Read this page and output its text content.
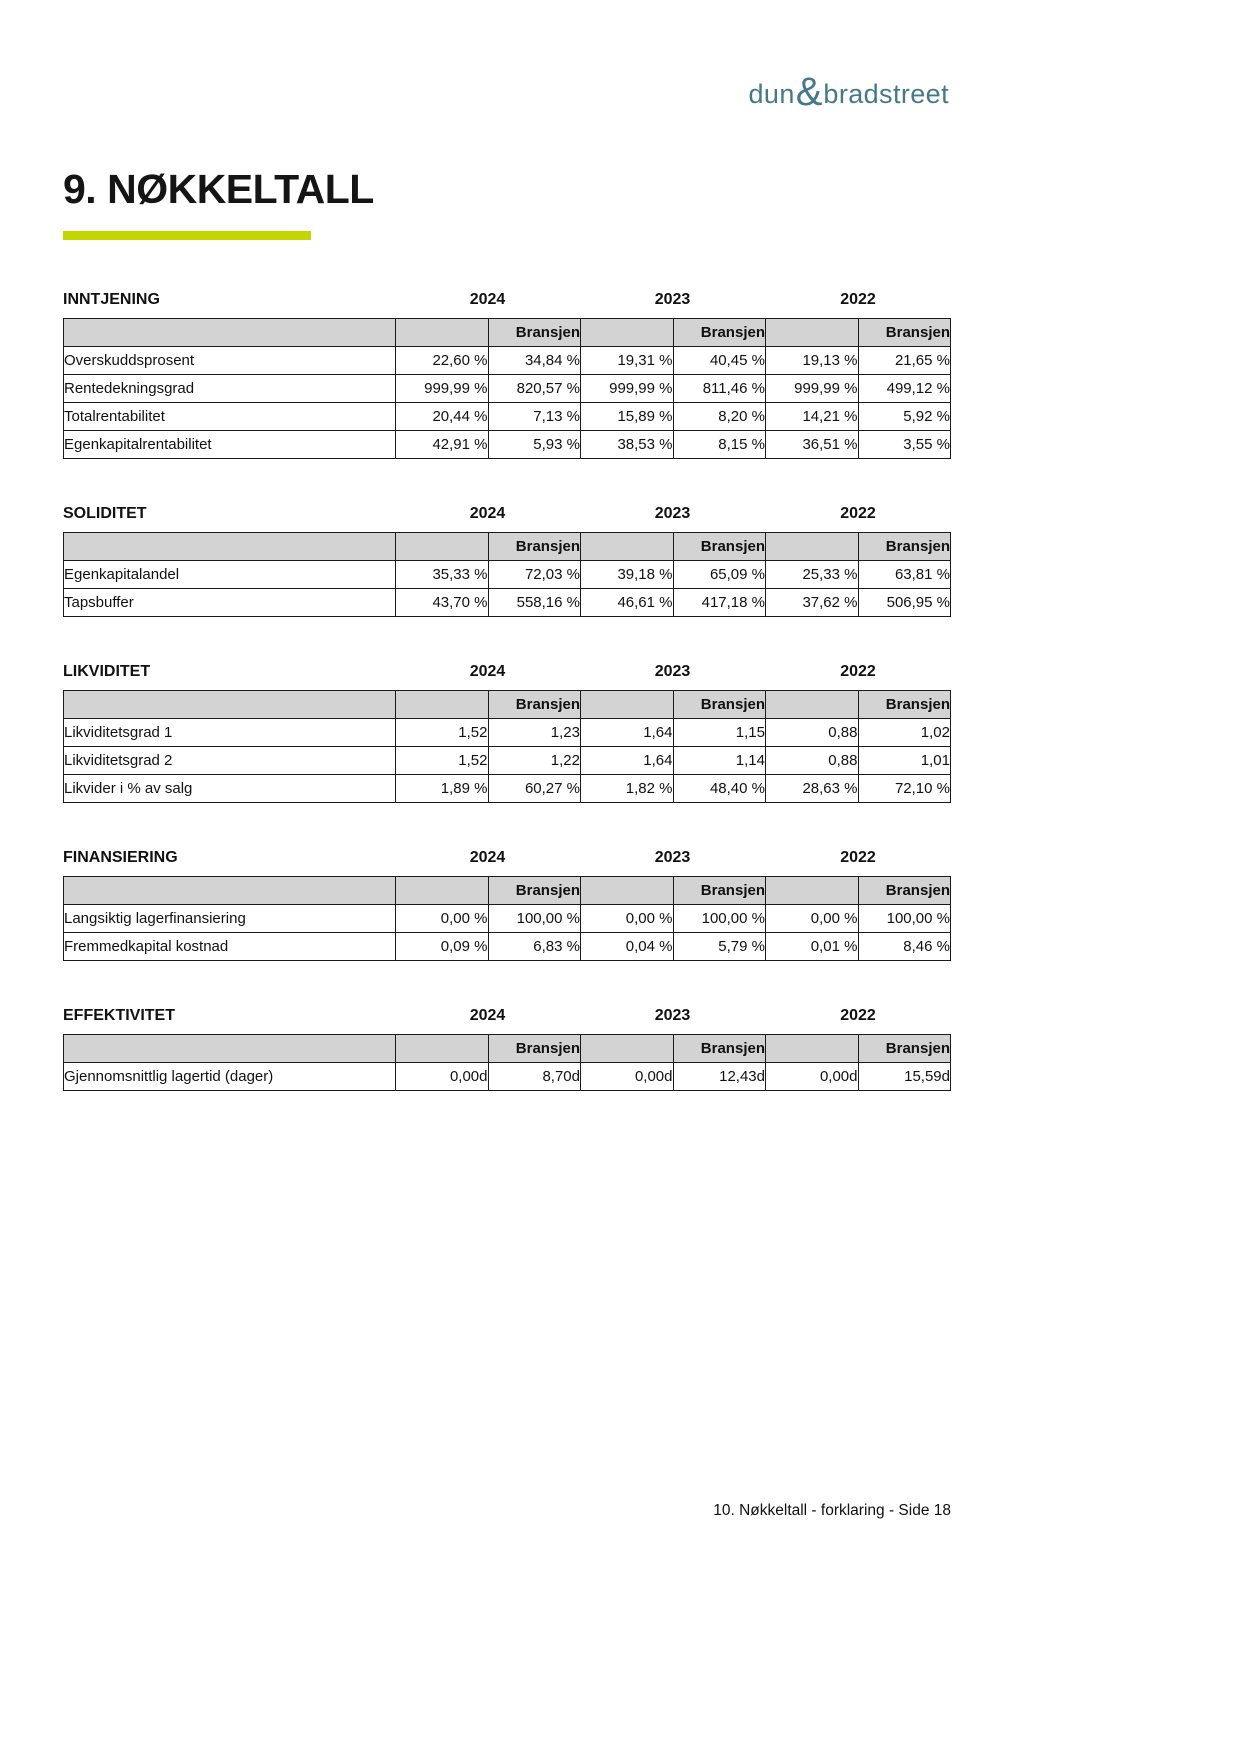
dun & bradstreet
9. NØKKELTALL
INNTJENING	2024	2023	2022
		Bransjen		Bransjen		Bransjen
Overskuddsprosent	22,60 %	34,84 %	19,31 %	40,45 %	19,13 %	21,65 %
Rentedekningsgrad	999,99 %	820,57 %	999,99 %	811,46 %	999,99 %	499,12 %
Totalrentabilitet	20,44 %	7,13 %	15,89 %	8,20 %	14,21 %	5,92 %
Egenkapitalrentabilitet	42,91 %	5,93 %	38,53 %	8,15 %	36,51 %	3,55 %
SOLIDITET	2024	2023	2022
		Bransjen		Bransjen		Bransjen
Egenkapitalandel	35,33 %	72,03 %	39,18 %	65,09 %	25,33 %	63,81 %
Tapsbuffer	43,70 %	558,16 %	46,61 %	417,18 %	37,62 %	506,95 %
LIKVIDITET	2024	2023	2022
		Bransjen		Bransjen		Bransjen
Likviditetsgrad 1	1,52	1,23	1,64	1,15	0,88	1,02
Likviditetsgrad 2	1,52	1,22	1,64	1,14	0,88	1,01
Likvider i % av salg	1,89 %	60,27 %	1,82 %	48,40 %	28,63 %	72,10 %
FINANSIERING	2024	2023	2022
		Bransjen		Bransjen		Bransjen
Langsiktig lagerfinansiering	0,00 %	100,00 %	0,00 %	100,00 %	0,00 %	100,00 %
Fremmedkapital kostnad	0,09 %	6,83 %	0,04 %	5,79 %	0,01 %	8,46 %
EFFEKTIVITET	2024	2023	2022
		Bransjen		Bransjen		Bransjen
Gjennomsnittlig lagertid (dager)	0,00d	8,70d	0,00d	12,43d	0,00d	15,59d
10. Nøkkeltall - forklaring - Side 18
